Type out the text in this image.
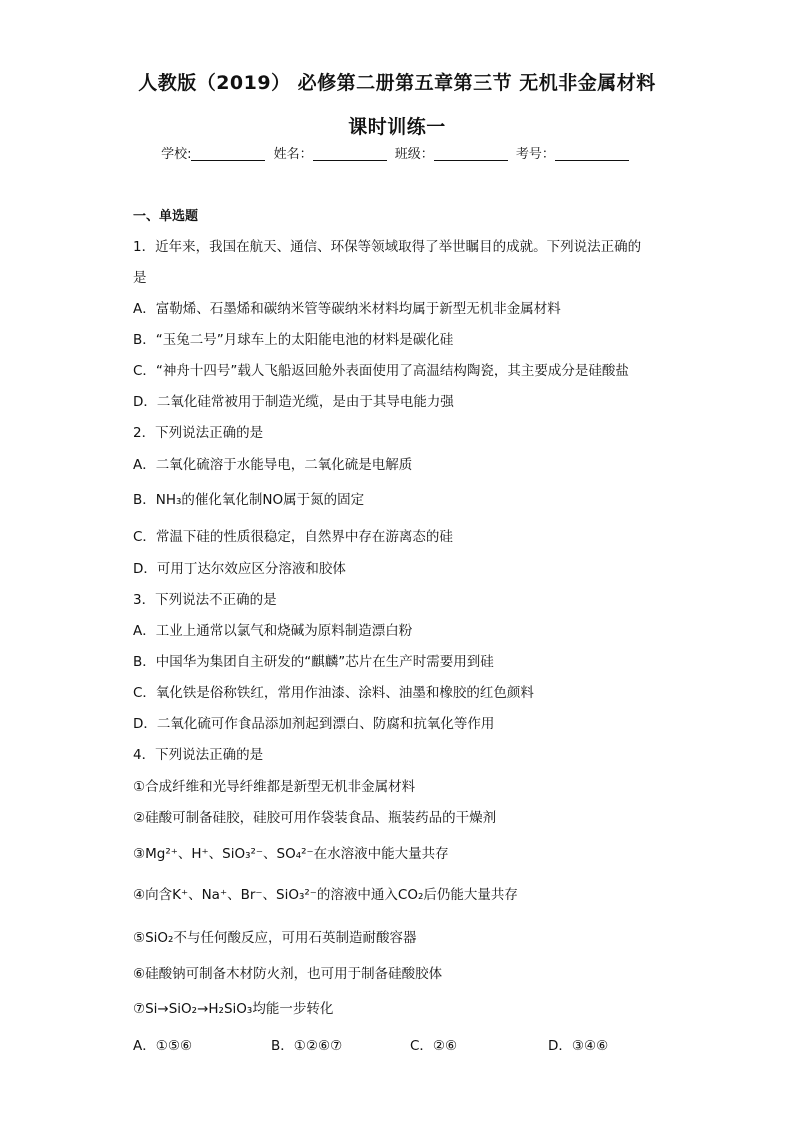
人教版（2019） 必修第二册第五章第三节 无机非金属材料
课时训练一
学校:	姓名：	班级：	考号：
一、单选题
1．近年来，我国在航天、通信、环保等领域取得了举世瞩目的成就。下列说法正确的
是
A．富勒烯、石墨烯和碳纳米管等碳纳米材料均属于新型无机非金属材料
B．“玉兔二号”月球车上的太阳能电池的材料是碳化硅
C．“神舟十四号”载人飞船返回舱外表面使用了高温结构陶瓷，其主要成分是硅酸盐
D．二氧化硅常被用于制造光缆，是由于其导电能力强
2．下列说法正确的是
A．二氧化硫溶于水能导电，二氧化硫是电解质
B．NH₃的催化氧化制NO属于氮的固定
C．常温下硅的性质很稳定，自然界中存在游离态的硅
D．可用丁达尔效应区分溶液和胶体
3．下列说法不正确的是
A．工业上通常以氯气和烧碱为原料制造漂白粉
B．中国华为集团自主研发的“麒麟”芯片在生产时需要用到硅
C．氧化铁是俗称铁红，常用作油漆、涂料、油墨和橡胶的红色颜料
D．二氧化硫可作食品添加剂起到漂白、防腐和抗氧化等作用
4．下列说法正确的是
①合成纤维和光导纤维都是新型无机非金属材料
②硅酸可制备硅胶，硅胶可用作袋装食品、瓶装药品的干燥剂
③Mg²⁺、H⁺、SiO₃²⁻、SO₄²⁻在水溶液中能大量共存
④向含K⁺、Na⁺、Br⁻、SiO₃²⁻的溶液中通入CO₂后仍能大量共存
⑤SiO₂不与任何酸反应，可用石英制造耐酸容器
⑥硅酸钠可制备木材防火剂，也可用于制备硅酸胶体
⑦Si→SiO₂→H₂SiO₃均能一步转化
A．①⑤⑥	B．①②⑥⑦	C．②⑥	D．③④⑥
